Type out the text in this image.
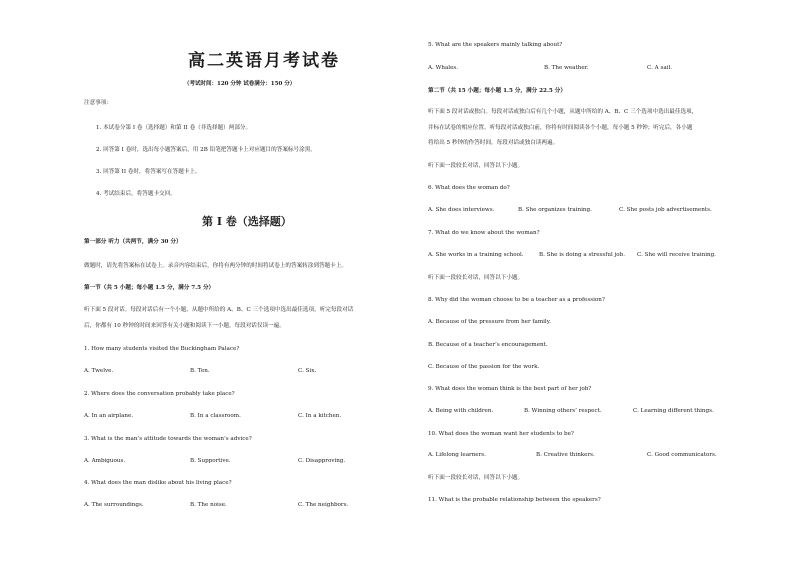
高二英语月考试卷
（考试时间：120 分钟 试卷满分：150 分）
注意事项：
1. 本试卷分第 I 卷（选择题）和第 II 卷（非选择题）两部分。
2. 回答第 I 卷时，选出每小题答案后，用 2B 铅笔把答题卡上对应题目的答案标号涂黑。
3. 回答第 II 卷时，将答案写在答题卡上。
4. 考试结束后，将答题卡交回。
第 I 卷（选择题）
第一部分 听力（共两节，满分 30 分）
做题时，请先将答案标在试卷上。录音内容结束后，你将有两分钟的时间将试卷上的答案转涂到答题卡上。
第一节（共 5 小题；每小题 1.5 分，满分 7.5 分）
听下面 5 段对话。每段对话后有一个小题，从题中所给的 A、B、C 三个选项中选出最佳选项。听完每段对话
后，你都有 10 秒钟的时间来回答有关小题和阅读下一小题。每段对话仅读一遍。
1. How many students visited the Buckingham Palace?
A. Twelve.	B. Ten.	C. Six.
2. Where does the conversation probably take place?
A. In an airplane.	B. In a classroom.	C. In a kitchen.
3. What is the man’s attitude towards the woman’s advice?
A. Ambiguous.	B. Supportive.	C. Disapproving.
4. What does the man dislike about his living place?
A. The surroundings.	B. The noise.	C. The neighbors.
5. What are the speakers mainly talking about?
A. Whales.	B. The weather.	C. A sail.
第二节（共 15 小题；每小题 1.5 分，满分 22.5 分）
听下面 5 段对话或独白。每段对话或独白后有几个小题，从题中所给的 A、B、C 三个选项中选出最佳选项，
并标在试卷的相应位置。听每段对话或独白前，你将有时间阅读各个小题，每小题 5 秒钟；听完后，各小题
将给出 5 秒钟的作答时间。每段对话或独白读两遍。
听下面一段较长对话，回答以下小题。
6. What does the woman do?
A. She does interviews.	B. She organizes training.	C. She posts job advertisements.
7. What do we know about the woman?
A. She works in a training school.	B. She is doing a stressful job. C. She will receive training.
听下面一段较长对话，回答以下小题。
8. Why did the woman choose to be a teacher as a profession?
A. Because of the pressure from her family.
B. Because of a teacher’s encouragement.
C. Because of the passion for the work.
9. What does the woman think is the best part of her job?
A. Being with children.	B. Winning others’ respect.	C. Learning different things.
10. What does the woman want her students to be?
A. Lifelong learners.	B. Creative thinkers.	C. Good communicators.
听下面一段较长对话，回答以下小题。
11. What is the probable relationship between the speakers?
